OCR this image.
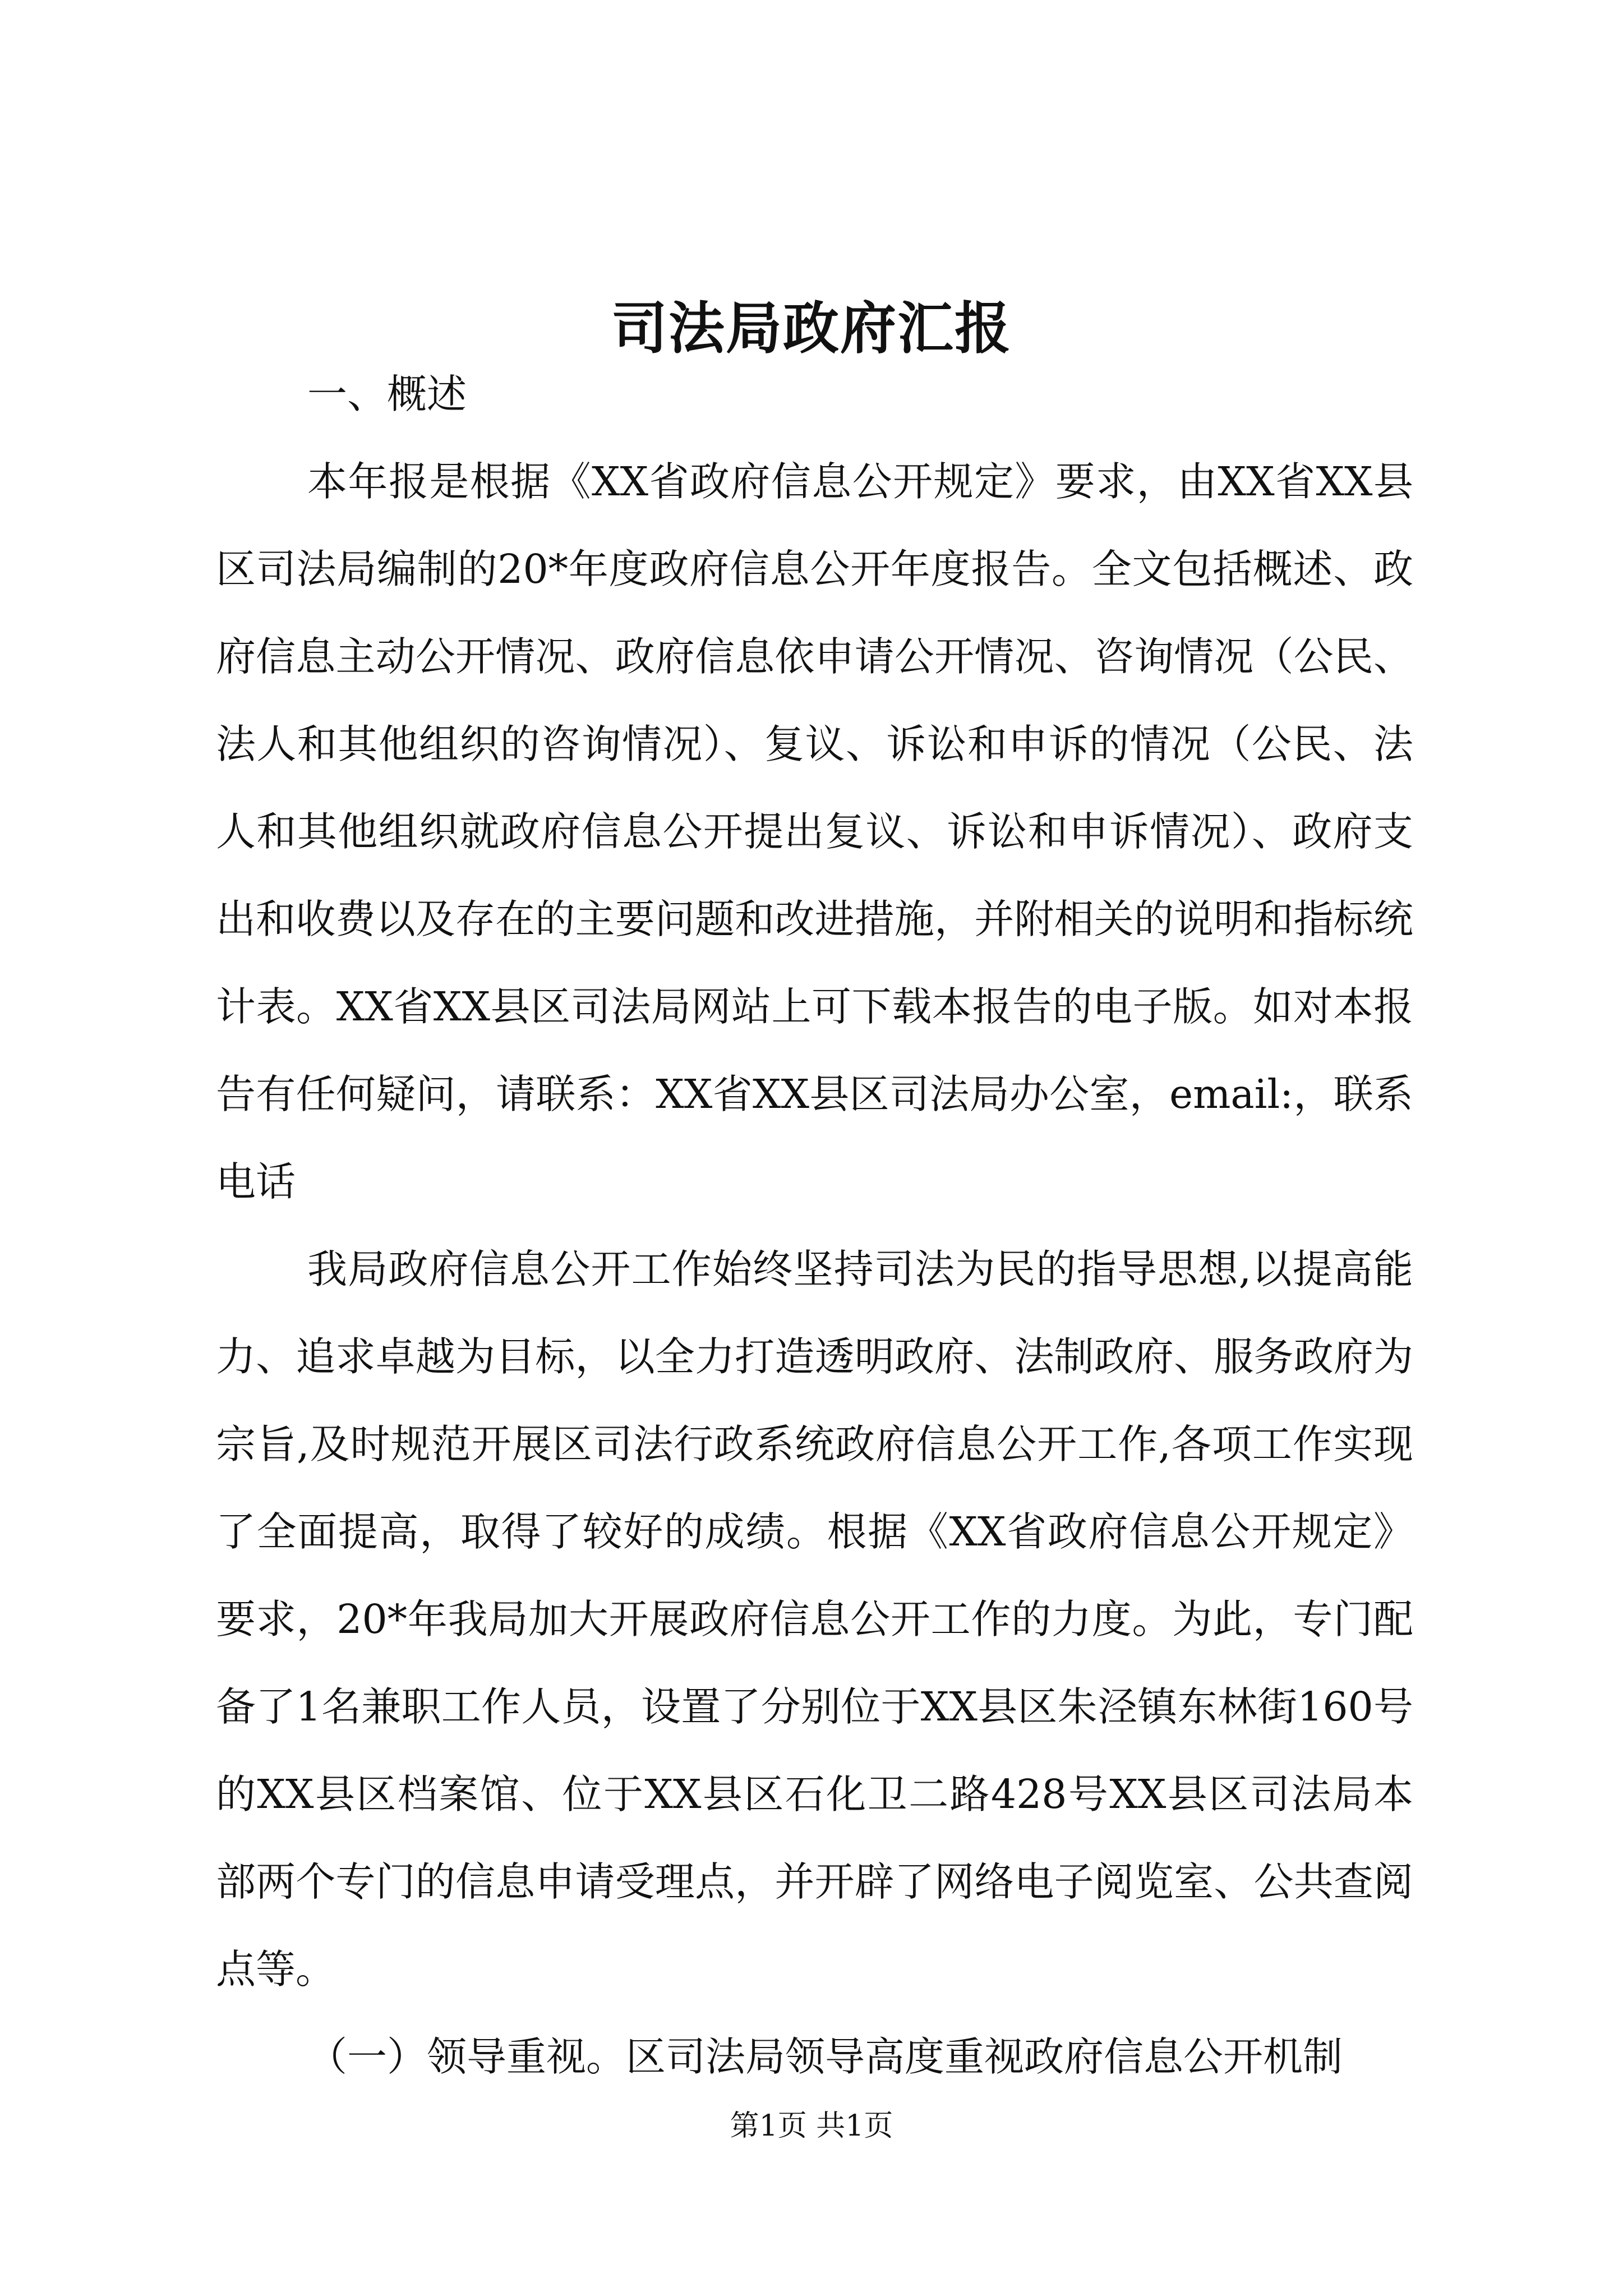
司法局政府汇报

一、概述

本年报是根据《XX省政府信息公开规定》要求，由XX省XX县区司法局编制的20*年度政府信息公开年度报告。全文包括概述、政府信息主动公开情况、政府信息依申请公开情况、咨询情况（公民、法人和其他组织的咨询情况）、复议、诉讼和申诉的情况（公民、法人和其他组织就政府信息公开提出复议、诉讼和申诉情况）、政府支出和收费以及存在的主要问题和改进措施，并附相关的说明和指标统计表。XX省XX县区司法局网站上可下载本报告的电子版。如对本报告有任何疑问，请联系：XX省XX县区司法局办公室，email:，联系电话

我局政府信息公开工作始终坚持司法为民的指导思想,以提高能力、追求卓越为目标，以全力打造透明政府、法制政府、服务政府为宗旨,及时规范开展区司法行政系统政府信息公开工作,各项工作实现了全面提高，取得了较好的成绩。根据《XX省政府信息公开规定》要求，20*年我局加大开展政府信息公开工作的力度。为此，专门配备了1名兼职工作人员，设置了分别位于XX县区朱泾镇东林街160号的XX县区档案馆、位于XX县区石化卫二路428号XX县区司法局本部两个专门的信息申请受理点，并开辟了网络电子阅览室、公共查阅点等。

（一）领导重视。区司法局领导高度重视政府信息公开机制

第1页 共1页
